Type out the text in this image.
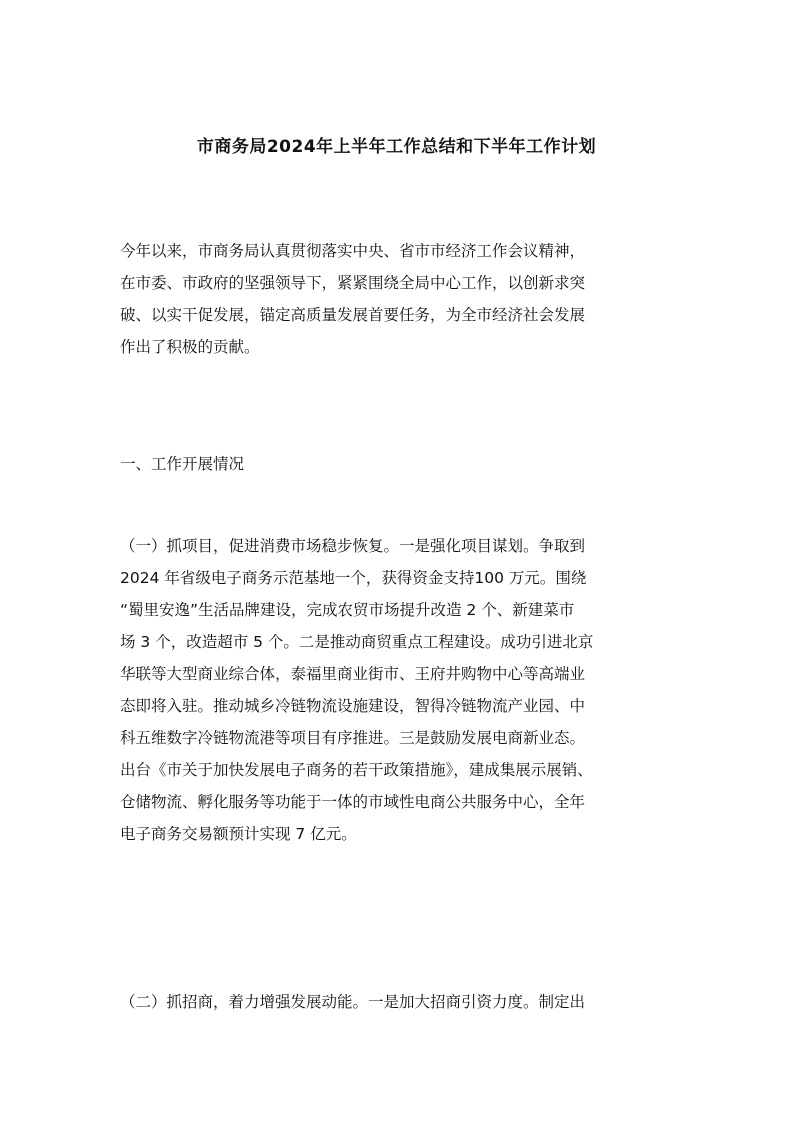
市商务局2024年上半年工作总结和下半年工作计划
今年以来，市商务局认真贯彻落实中央、省市市经济工作会议精神，
在市委、市政府的坚强领导下，紧紧围绕全局中心工作，以创新求突
破、以实干促发展，锚定高质量发展首要任务，为全市经济社会发展
作出了积极的贡献。
一、工作开展情况
（一）抓项目，促进消费市场稳步恢复。一是强化项目谋划。争取到
2024 年省级电子商务示范基地一个，获得资金支持100 万元。围绕
“蜀里安逸”生活品牌建设，完成农贸市场提升改造 2 个、新建菜市
场 3 个，改造超市 5 个。二是推动商贸重点工程建设。成功引进北京
华联等大型商业综合体，泰福里商业街市、王府井购物中心等高端业
态即将入驻。推动城乡冷链物流设施建设，智得冷链物流产业园、中
科五维数字冷链物流港等项目有序推进。三是鼓励发展电商新业态。
出台《市关于加快发展电子商务的若干政策措施》，建成集展示展销、
仓储物流、孵化服务等功能于一体的市域性电商公共服务中心，全年
电子商务交易额预计实现 7 亿元。
（二）抓招商，着力增强发展动能。一是加大招商引资力度。制定出
